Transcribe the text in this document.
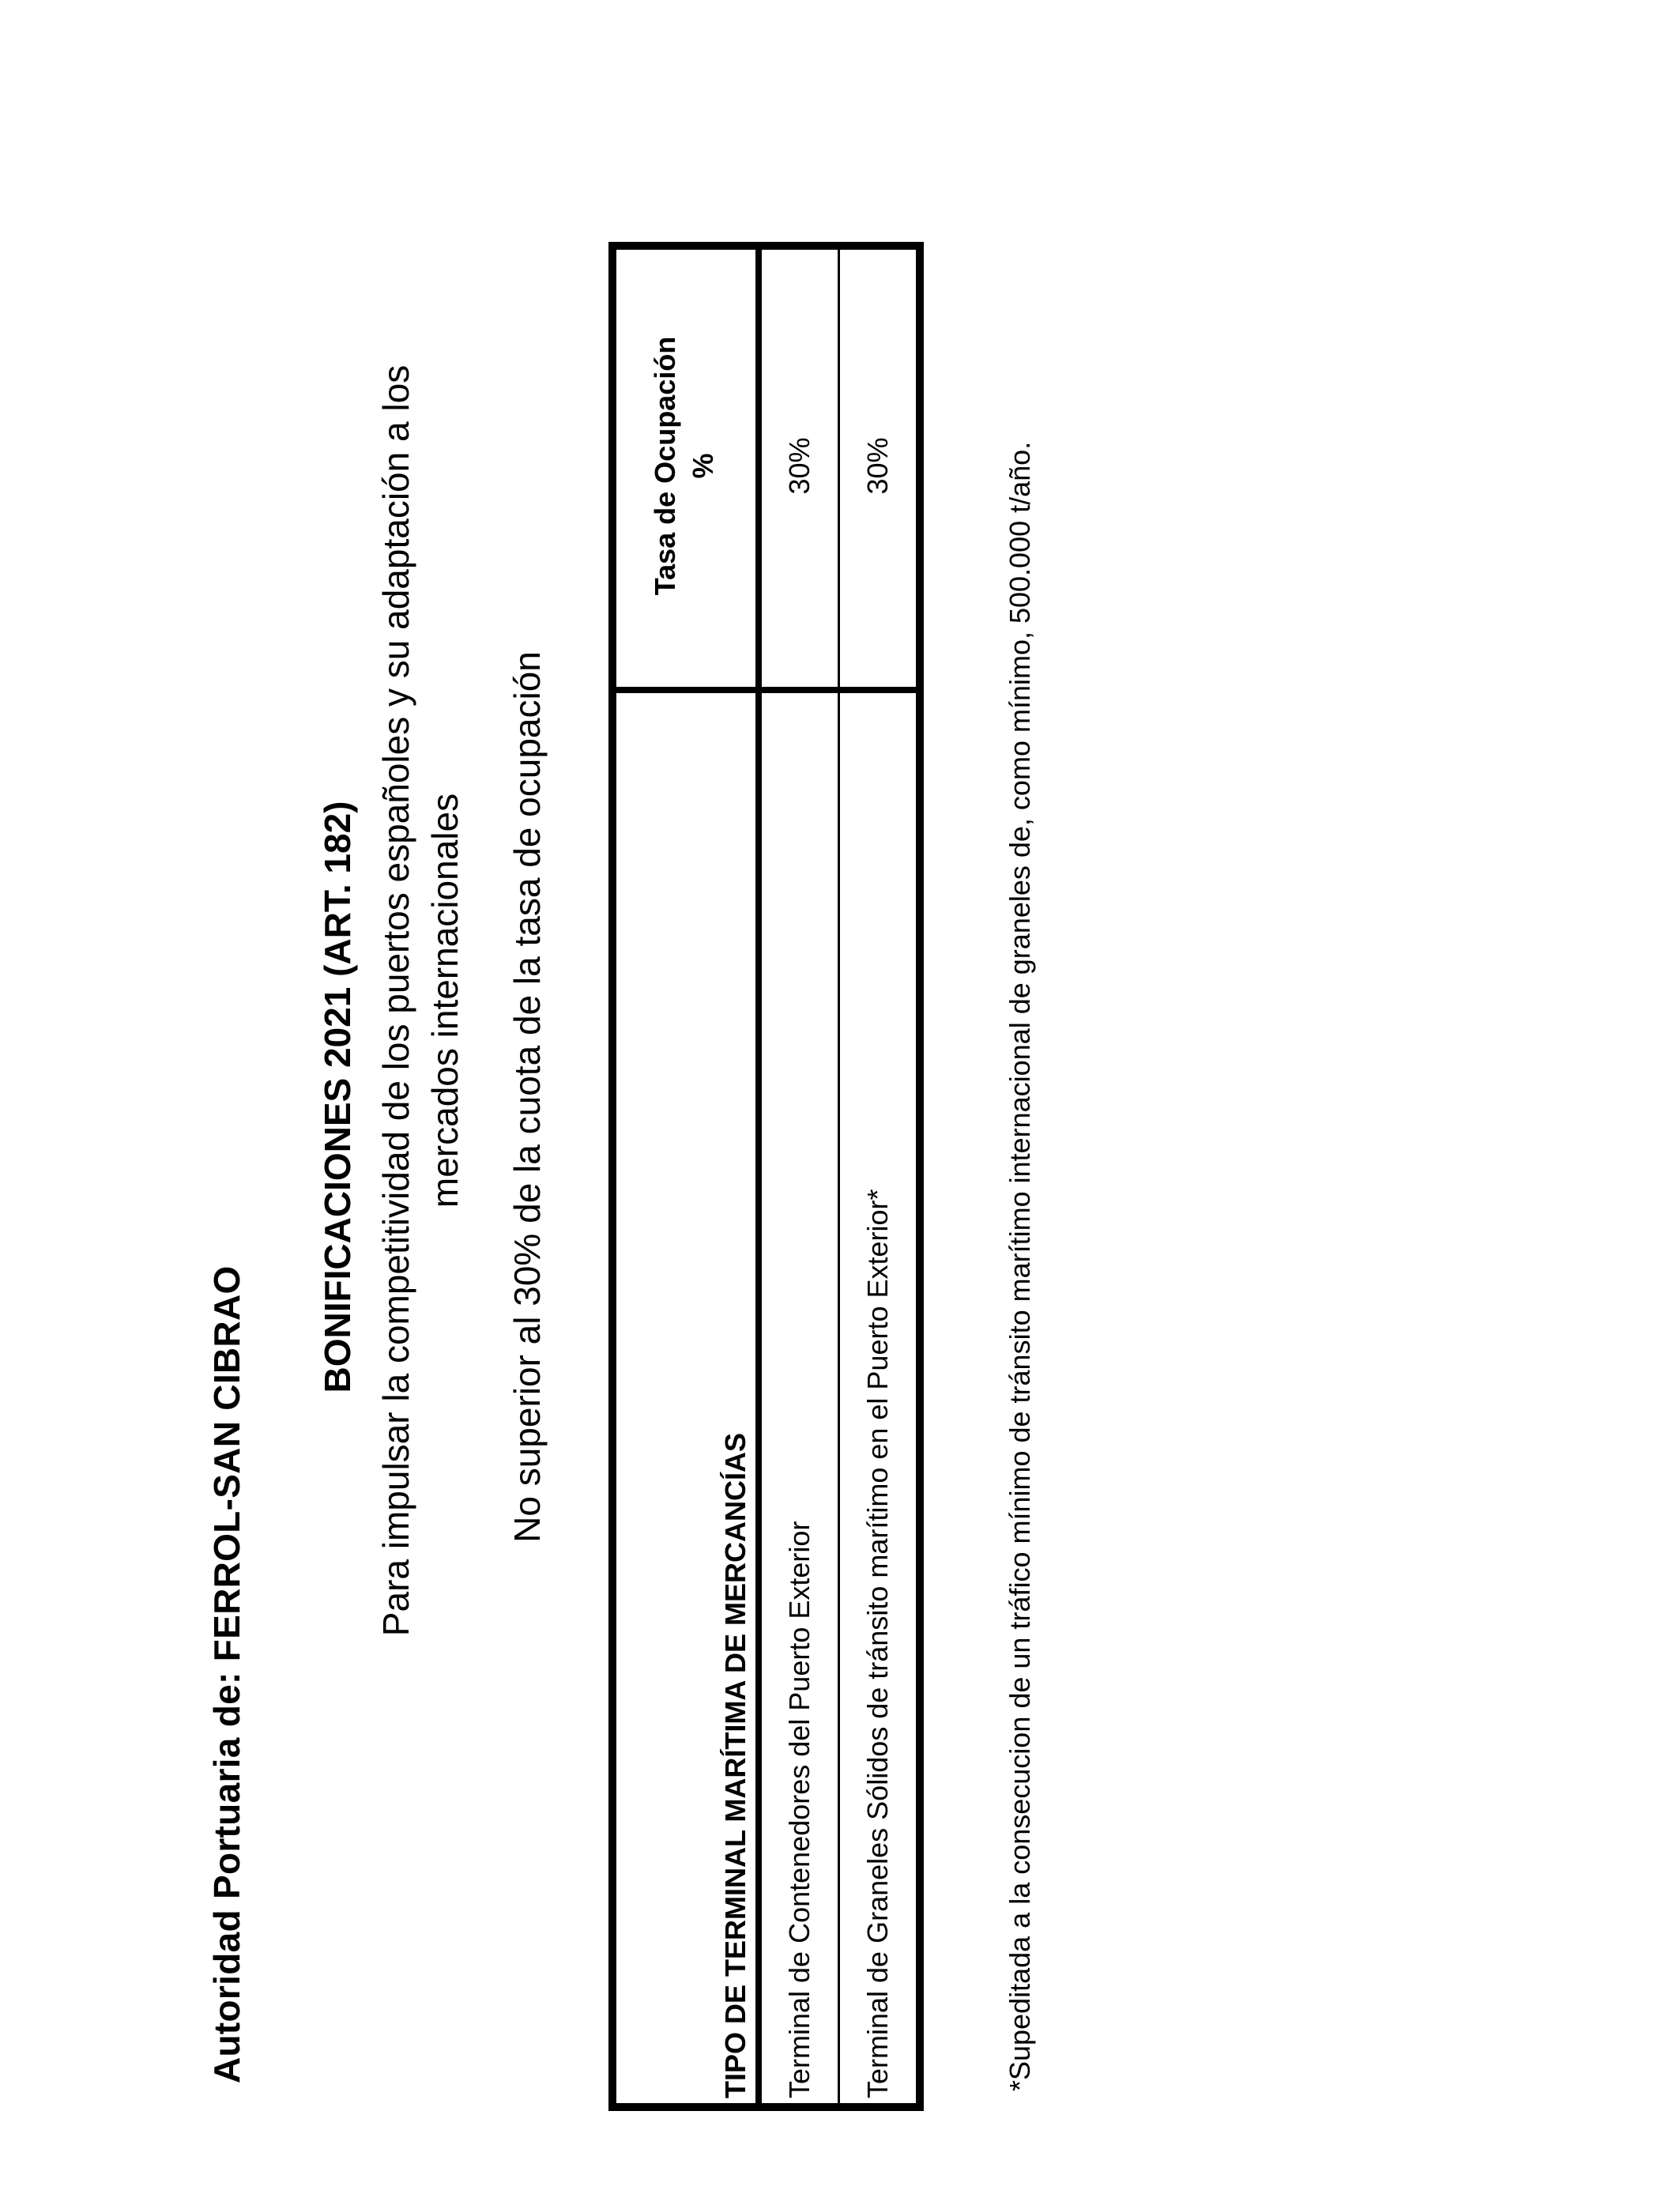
Autoridad Portuaria de: FERROL-SAN CIBRAO
BONIFICACIONES 2021 (ART. 182) Para impulsar la competitividad de los puertos españoles y su adaptación a los mercados internacionales No superior al 30% de la cuota de la tasa de ocupación
TIPO DE TERMINAL MARÍTIMA DE MERCANCÍAS	Tasa de Ocupación %
Terminal de Contenedores del Puerto Exterior	30%
Terminal de Graneles Sólidos de tránsito marítimo en el Puerto Exterior*	30%	*Supeditada a la consecucion de un tráfico mínimo de tránsito marítimo internacional de graneles de, como mínimo, 500.000 t/año.
